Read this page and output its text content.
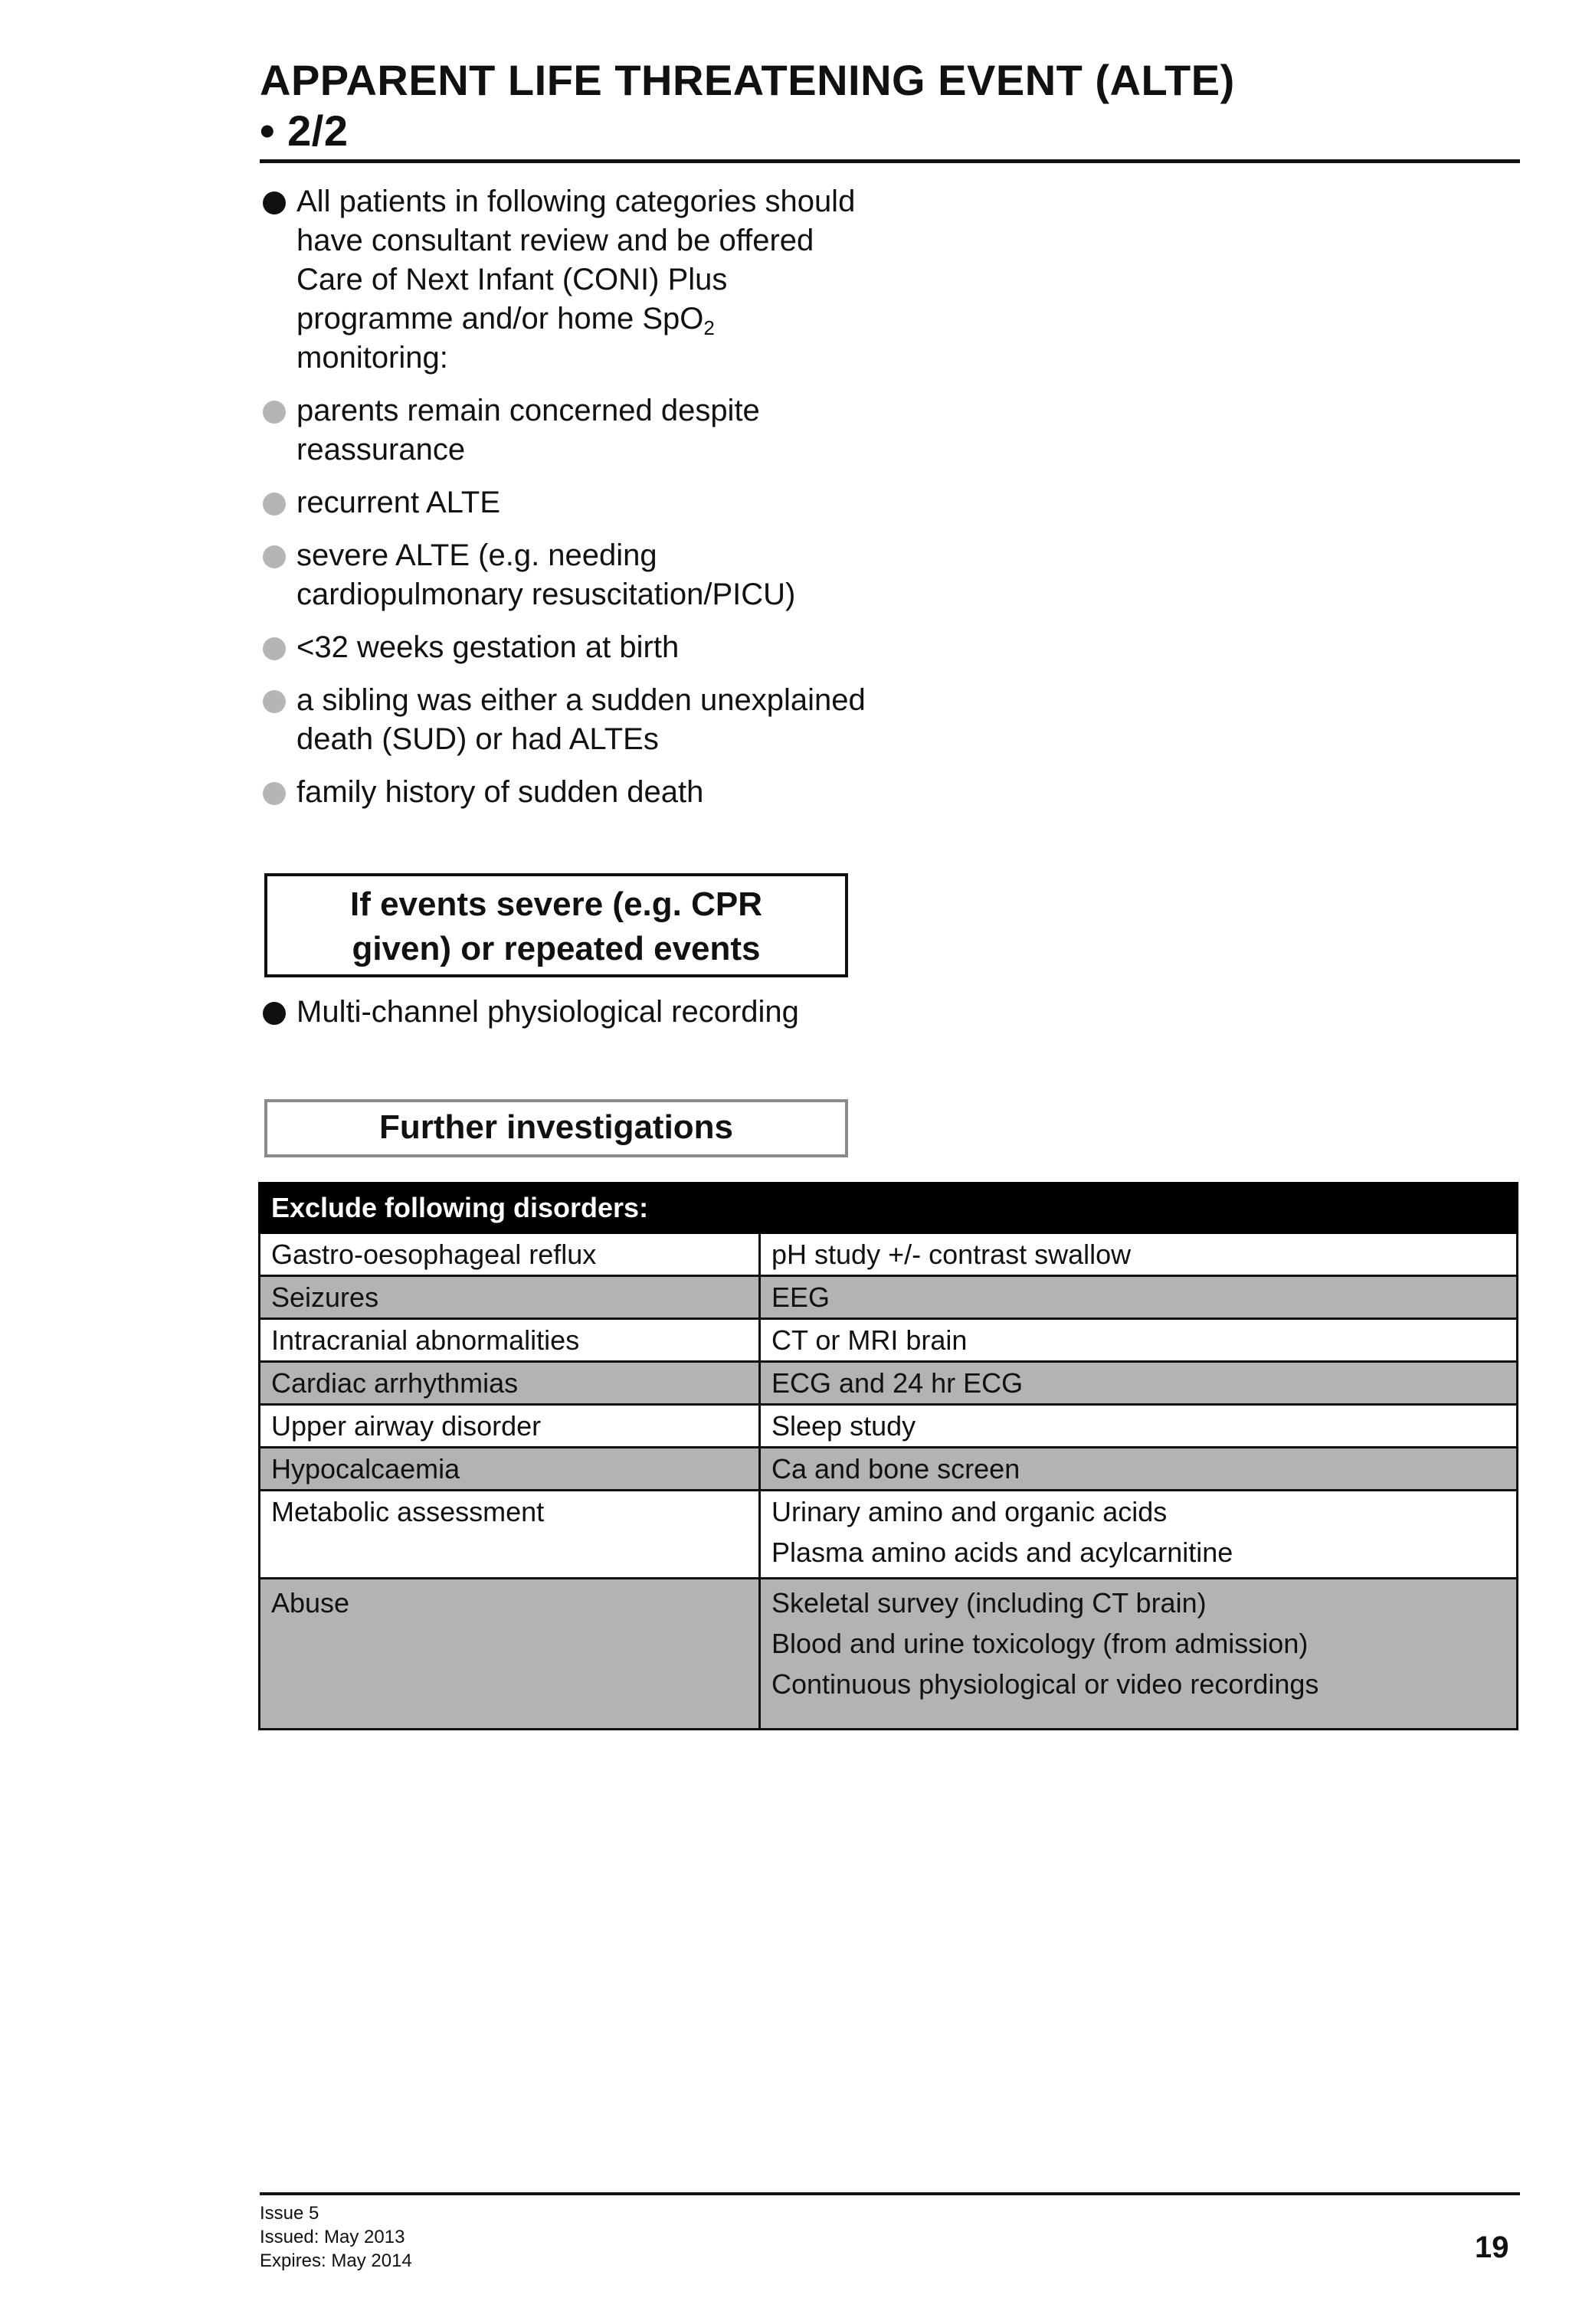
APPARENT LIFE THREATENING EVENT (ALTE)
• 2/2
All patients in following categories should have consultant review and be offered Care of Next Infant (CONI) Plus programme and/or home SpO$_2$ monitoring:
parents remain concerned despite reassurance
recurrent ALTE
severe ALTE (e.g. needing cardiopulmonary resuscitation/PICU)
<32 weeks gestation at birth
a sibling was either a sudden unexplained death (SUD) or had ALTEs
family history of sudden death
If events severe (e.g. CPR
given) or repeated events
Multi-channel physiological recording
Further investigations
Exclude following disorders:	
Gastro-oesophageal reflux	pH study +/- contrast swallow

Seizures	EEG

Intracranial abnormalities	CT or MRI brain

Cardiac arrhythmias	ECG and 24 hr ECG

Upper airway disorder	Sleep study

Hypocalcaemia	Ca and bone screen

Metabolic assessment	Urinary amino and organic acids
Plasma amino acids and acylcarnitine

Abuse	Skeletal survey (including CT brain)
Blood and urine toxicology (from admission)
Continuous physiological or video recordings
Issue 5
Issued: May 2013
Expires: May 2014	19
